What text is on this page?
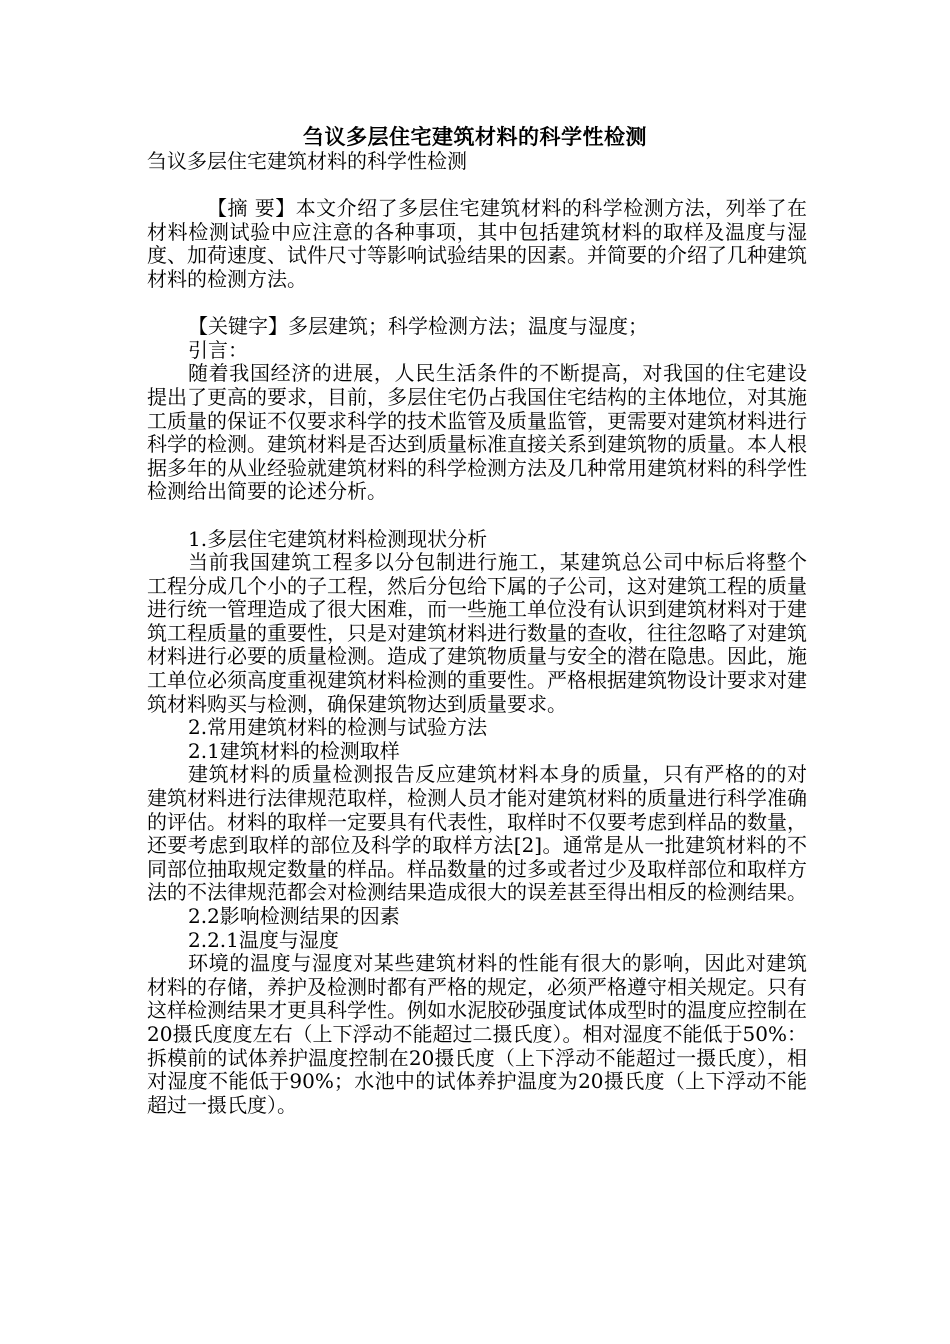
刍议多层住宅建筑材料的科学性检测

刍议多层住宅建筑材料的科学性检测

【摘 要】本文介绍了多层住宅建筑材料的科学检测方法，列举了在材料检测试验中应注意的各种事项，其中包括建筑材料的取样及温度与湿度、加荷速度、试件尺寸等影响试验结果的因素。并简要的介绍了几种建筑材料的检测方法。

【关键字】多层建筑；科学检测方法；温度与湿度；

引言：

随着我国经济的进展，人民生活条件的不断提高，对我国的住宅建设提出了更高的要求，目前，多层住宅仍占我国住宅结构的主体地位，对其施工质量的保证不仅要求科学的技术监管及质量监管，更需要对建筑材料进行科学的检测。建筑材料是否达到质量标准直接关系到建筑物的质量。本人根据多年的从业经验就建筑材料的科学检测方法及几种常用建筑材料的科学性检测给出简要的论述分析。

1.多层住宅建筑材料检测现状分析

当前我国建筑工程多以分包制进行施工，某建筑总公司中标后将整个工程分成几个小的子工程，然后分包给下属的子公司，这对建筑工程的质量进行统一管理造成了很大困难，而一些施工单位没有认识到建筑材料对于建筑工程质量的重要性，只是对建筑材料进行数量的查收，往往忽略了对建筑材料进行必要的质量检测。造成了建筑物质量与安全的潜在隐患。因此，施工单位必须高度重视建筑材料检测的重要性。严格根据建筑物设计要求对建筑材料购买与检测，确保建筑物达到质量要求。

2.常用建筑材料的检测与试验方法

2.1建筑材料的检测取样

建筑材料的质量检测报告反应建筑材料本身的质量，只有严格的的对建筑材料进行法律规范取样，检测人员才能对建筑材料的质量进行科学准确的评估。材料的取样一定要具有代表性，取样时不仅要考虑到样品的数量，还要考虑到取样的部位及科学的取样方法[2]。通常是从一批建筑材料的不同部位抽取规定数量的样品。样品数量的过多或者过少及取样部位和取样方法的不法律规范都会对检测结果造成很大的误差甚至得出相反的检测结果。

2.2影响检测结果的因素

2.2.1温度与湿度

环境的温度与湿度对某些建筑材料的性能有很大的影响，因此对建筑材料的存储，养护及检测时都有严格的规定，必须严格遵守相关规定。只有这样检测结果才更具科学性。例如水泥胶砂强度试体成型时的温度应控制在20摄氏度度左右（上下浮动不能超过二摄氏度）。相对湿度不能低于50%：拆模前的试体养护温度控制在20摄氏度（上下浮动不能超过一摄氏度），相对湿度不能低于90%；水池中的试体养护温度为20摄氏度（上下浮动不能超过一摄氏度）。
